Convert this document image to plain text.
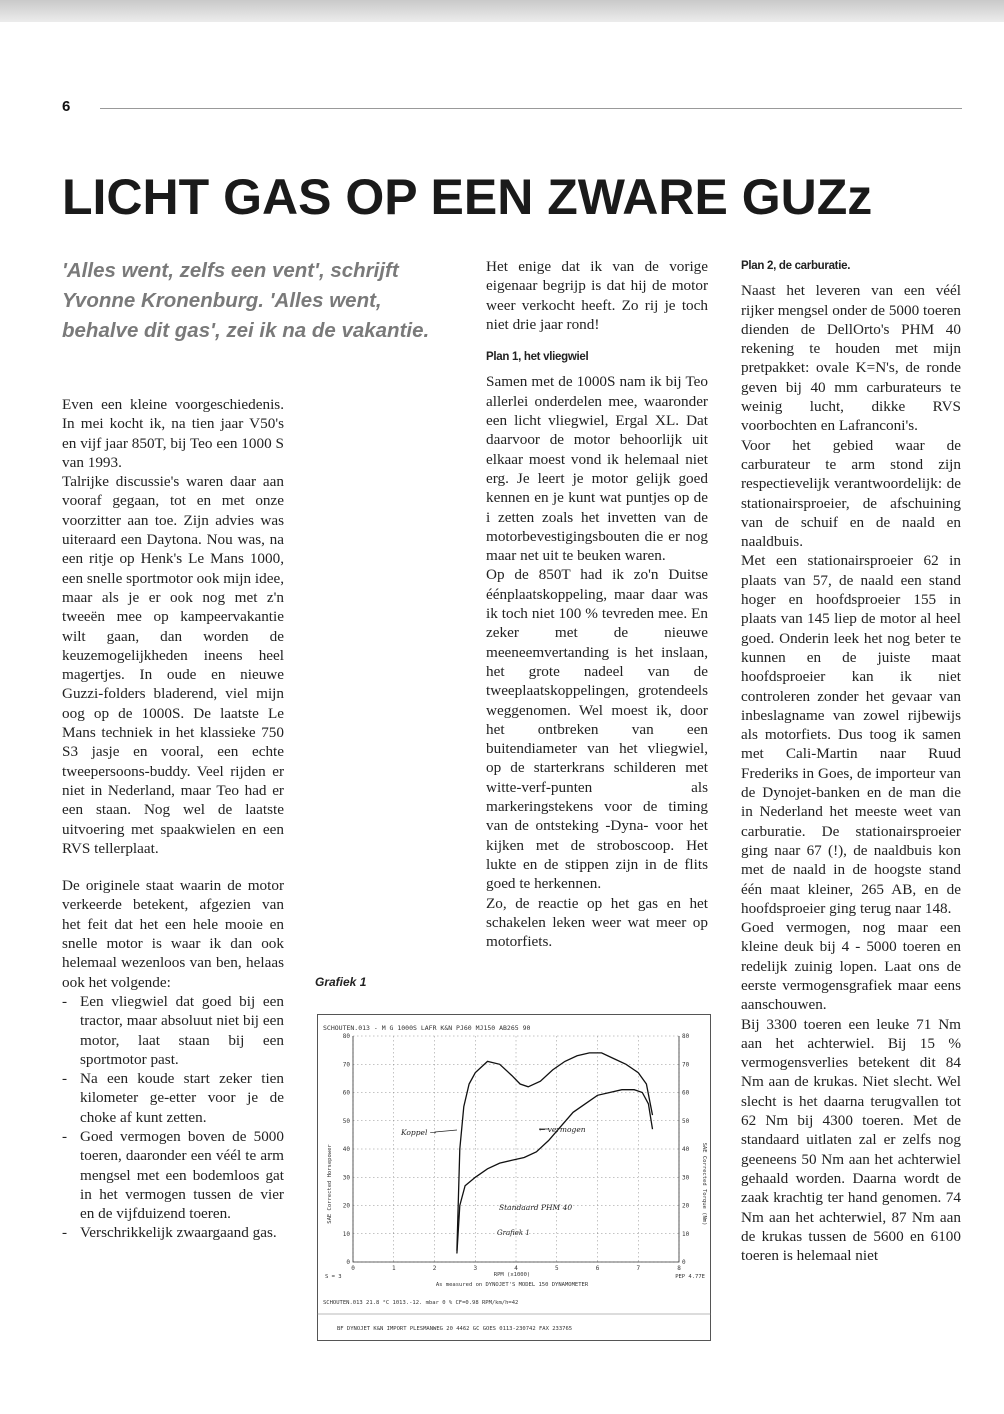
6
LICHT GAS OP EEN ZWARE GUZz

'Alles went, zelfs een vent', schrijft Yvonne Kronenburg. 'Alles went, behalve dit gas', zei ik na de vakantie.

Even een kleine voorgeschiedenis. In mei kocht ik, na tien jaar V50's en vijf jaar 850T, bij Teo een 1000 S van 1993.

Talrijke discussie's waren daar aan vooraf gegaan, tot en met onze voorzitter aan toe. Zijn advies was uiteraard een Daytona. Nou was, na een ritje op Henk's Le Mans 1000, een snelle sportmotor ook mijn idee, maar als je er ook nog met z'n tweeën mee op kampeervakantie wilt gaan, dan worden de keuzemogelijkheden ineens heel magertjes. In oude en nieuwe Guzzi-folders bladerend, viel mijn oog op de 1000S. De laatste Le Mans techniek in het klassieke 750 S3 jasje en vooral, een echte tweepersoons-buddy. Veel rijden er niet in Nederland, maar Teo had er een staan. Nog wel de laatste uitvoering met spaakwielen en een RVS tellerplaat.

De originele staat waarin de motor verkeerde betekent, afgezien van het feit dat het een hele mooie en snelle motor is waar ik dan ook helemaal wezenloos van ben, helaas ook het volgende:

- Een vliegwiel dat goed bij een tractor, maar absoluut niet bij een motor, laat staan bij een sportmotor past.
- Na een koude start zeker tien kilometer ge-etter voor je de choke af kunt zetten.
- Goed vermogen boven de 5000 toeren, daaronder een véél te arm mengsel met een bodemloos gat in het vermogen tussen de vier en de vijfduizend toeren.
- Verschrikkelijk zwaargaand gas.

Het enige dat ik van de vorige eigenaar begrijp is dat hij de motor weer verkocht heeft. Zo rij je toch niet drie jaar rond!

Plan 1, het vliegwiel

Samen met de 1000S nam ik bij Teo allerlei onderdelen mee, waaronder een licht vliegwiel, Ergal XL. Dat daarvoor de motor behoorlijk uit elkaar moest vond ik helemaal niet erg. Je leert je motor gelijk goed kennen en je kunt wat puntjes op de i zetten zoals het invetten van de motorbevestigingsbouten die er nog maar net uit te beuken waren.

Op de 850T had ik zo'n Duitse éénplaatskoppeling, maar daar was ik toch niet 100 % tevreden mee. En zeker met de nieuwe meeneemvertanding is het inslaan, het grote nadeel van de tweeplaatskoppelingen, grotendeels weggenomen. Wel moest ik, door het ontbreken van een buitendiameter van het vliegwiel, op de starterkrans schilderen met witte-verf-punten als markeringstekens voor de timing van de ontsteking -Dyna- voor het kijken met de stroboscoop. Het lukte en de stippen zijn in de flits goed te herkennen.

Zo, de reactie op het gas en het schakelen leken weer wat meer op motorfiets.

Plan 2, de carburatie.

Naast het leveren van een véél rijker mengsel onder de 5000 toeren dienden de DellOrto's PHM 40 rekening te houden met mijn pretpakket: ovale K=N's, de ronde geven bij 40 mm carburateurs te weinig lucht, dikke RVS voorbochten en Lafranconi's.

Voor het gebied waar de carburateur te arm stond zijn respectievelijk verantwoordelijk: de stationairsproeier, de afschuining van de schuif en de naald en naaldbuis.

Met een stationairsproeier 62 in plaats van 57, de naald een stand hoger en hoofdsproeier 155 in plaats van 145 liep de motor al heel goed. Onderin leek het nog beter te kunnen en de juiste maat hoofdsproeier kan ik niet controleren zonder het gevaar van inbeslagname van zowel rijbewijs als motorfiets. Dus toog ik samen met Cali-Martin naar Ruud Frederiks in Goes, de importeur van de Dynojet-banken en de man die in Nederland het meeste weet van carburatie. De stationairsproeier ging naar 67 (!), de naaldbuis kon met de naald in de hoogste stand één maat kleiner, 265 AB, en de hoofdsproeier ging terug naar 148.

Goed vermogen, nog maar een kleine deuk bij 4 - 5000 toeren en redelijk zuinig lopen. Laat ons de eerste vermogensgrafiek maar eens aanschouwen.

Bij 3300 toeren een leuke 71 Nm aan het achterwiel. Bij 15 % vermogensverlies betekent dit 84 Nm aan de krukas. Niet slecht. Wel slecht is het daarna terugvallen tot 62 Nm bij 4300 toeren. Met de standaard uitlaten zal er zelfs nog geeneens 50 Nm aan het achterwiel gehaald worden. Daarna wordt de zaak krachtig ter hand genomen. 74 Nm aan het achterwiel, 87 Nm aan de krukas tussen de 5600 en 6100 toeren is helemaal niet

Grafiek 1
SCHOUTEN.013 - M G 1000S LAFR K&N PJ60 MJ150 AB265 90
0	1	2	3	4	5	6	7	8
0	0
10	10
20	20
30	30
40	40
50	50
60	60
70	70
80	80
SAE Corrected Horsepower	SAE Corrected Torque (Nm)
Koppel →	← vermogen
Standaard PHM 40
Grafiek 1
S = 3	RPM (x1000)
As measured on DYNOJET'S MODEL 150 DYNAMOMETER
PEP 4.77E
SCHOUTEN.013 21.8 °C 1013.-12. mbar 0 % CF=0.98 RPM/km/h=42
BF DYNOJET K&N IMPORT PLESMANWEG 20 4462 GC GOES 0113-230742 FAX 233765
